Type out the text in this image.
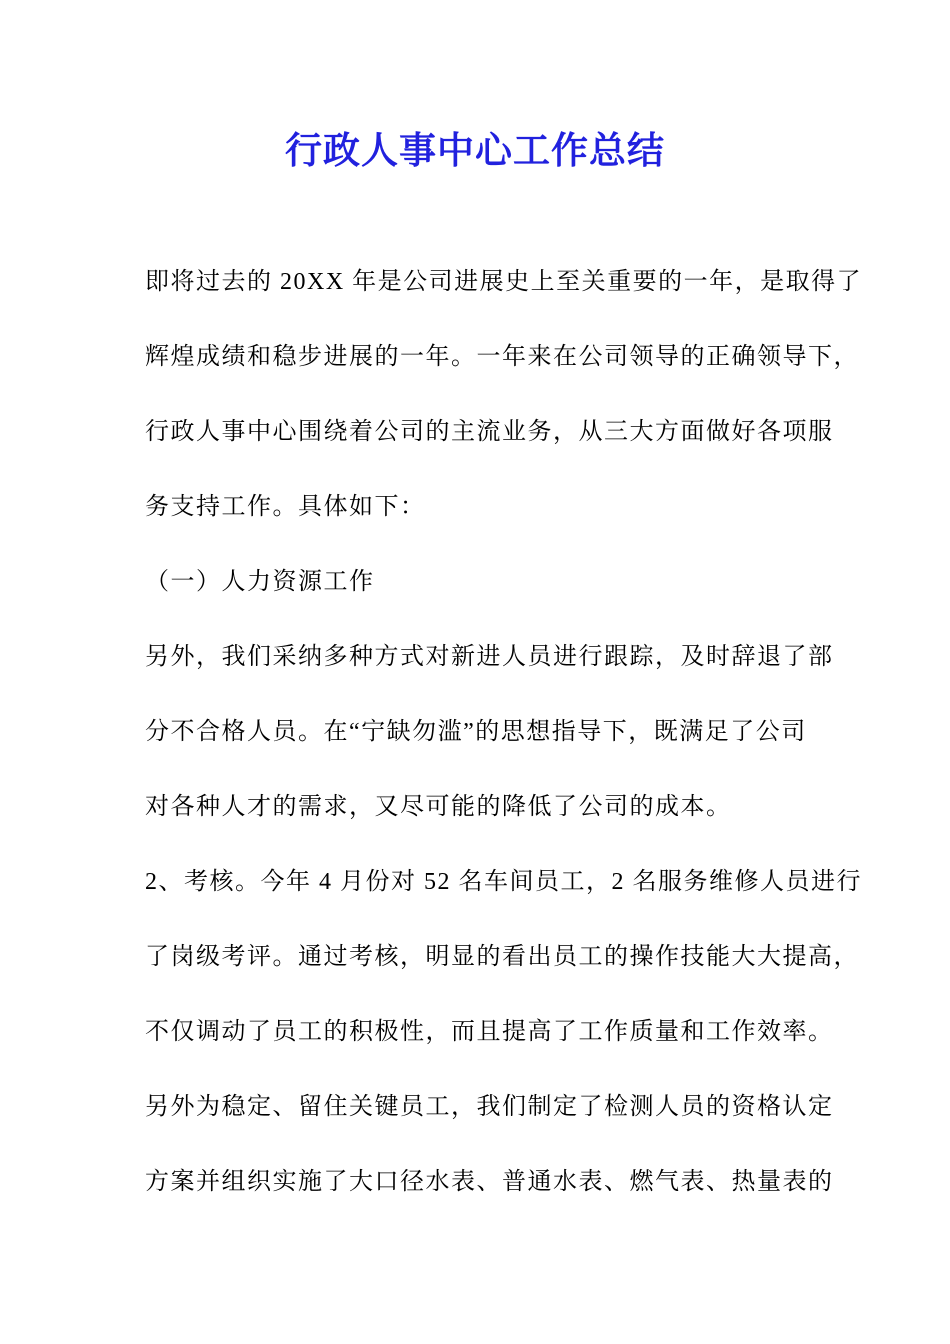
行政人事中心工作总结
即将过去的 20XX 年是公司进展史上至关重要的一年，是取得了
辉煌成绩和稳步进展的一年。一年来在公司领导的正确领导下，
行政人事中心围绕着公司的主流业务，从三大方面做好各项服
务支持工作。具体如下：
（一）人力资源工作
另外，我们采纳多种方式对新进人员进行跟踪，及时辞退了部
分不合格人员。在“宁缺勿滥”的思想指导下，既满足了公司
对各种人才的需求，又尽可能的降低了公司的成本。
2、考核。今年 4 月份对 52 名车间员工，2 名服务维修人员进行
了岗级考评。通过考核，明显的看出员工的操作技能大大提高，
不仅调动了员工的积极性，而且提高了工作质量和工作效率。
另外为稳定、留住关键员工，我们制定了检测人员的资格认定
方案并组织实施了大口径水表、普通水表、燃气表、热量表的
